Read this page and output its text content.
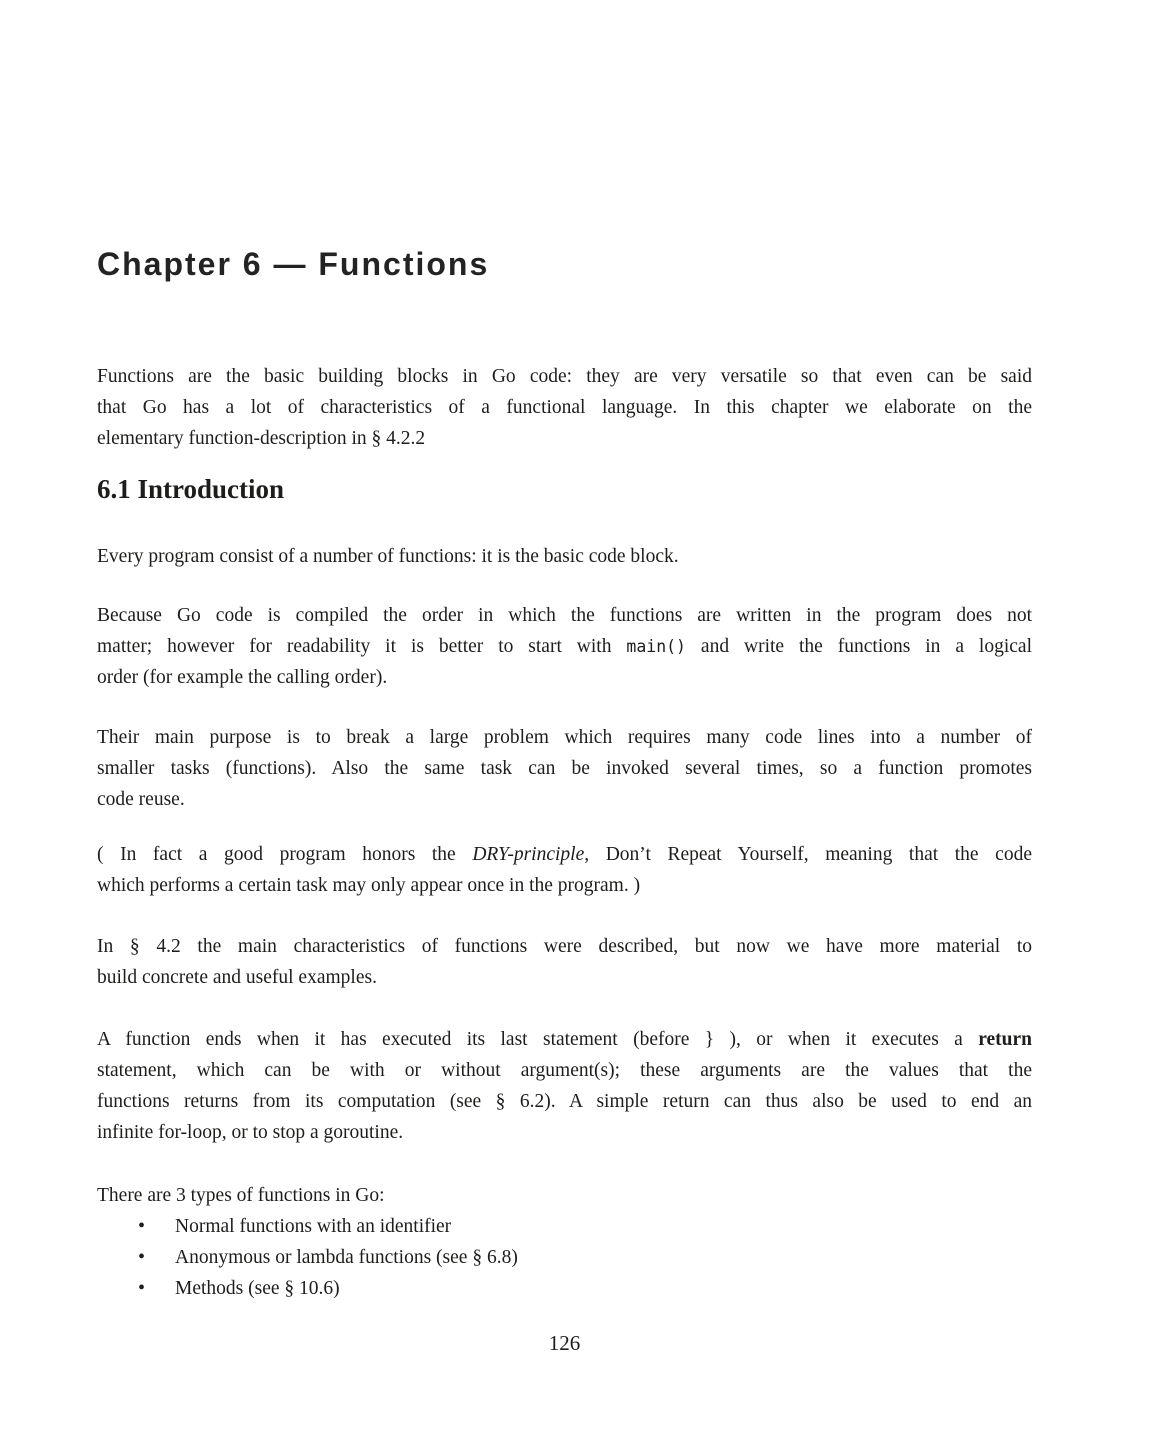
Chapter 6 — Functions
Functions are the basic building blocks in Go code: they are very versatile so that even can be said
that Go has a lot of characteristics of a functional language. In this chapter we elaborate on the
elementary function-description in § 4.2.2
6.1 Introduction
Every program consist of a number of functions: it is the basic code block.
Because Go code is compiled the order in which the functions are written in the program does not
matter; however for readability it is better to start with main() and write the functions in a logical
order (for example the calling order).
Their main purpose is to break a large problem which requires many code lines into a number of
smaller tasks (functions). Also the same task can be invoked several times, so a function promotes
code reuse.
( In fact a good program honors the DRY-principle, Don’t Repeat Yourself, meaning that the code
which performs a certain task may only appear once in the program. )
In § 4.2 the main characteristics of functions were described, but now we have more material to
build concrete and useful examples.
A function ends when it has executed its last statement (before } ), or when it executes a return
statement, which can be with or without argument(s); these arguments are the values that the
functions returns from its computation (see § 6.2). A simple return can thus also be used to end an
infinite for-loop, or to stop a goroutine.
There are 3 types of functions in Go:
• Normal functions with an identifier
• Anonymous or lambda functions (see § 6.8)
• Methods (see § 10.6)
126
